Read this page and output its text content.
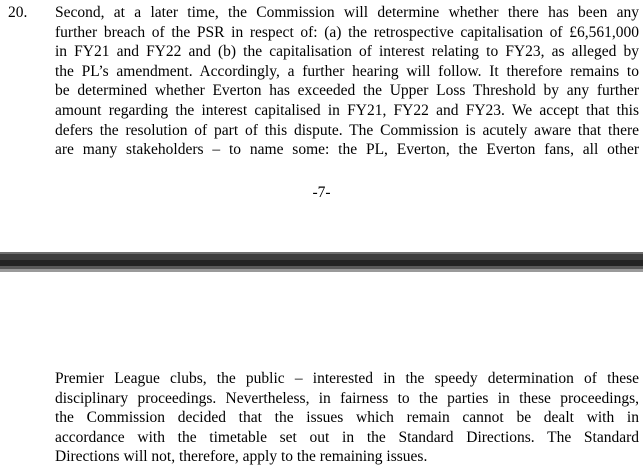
20. Second, at a later time, the Commission will determine whether there has been any
further breach of the PSR in respect of: (a) the retrospective capitalisation of £6,561,000
in FY21 and FY22 and (b) the capitalisation of interest relating to FY23, as alleged by
the PL’s amendment. Accordingly, a further hearing will follow. It therefore remains to
be determined whether Everton has exceeded the Upper Loss Threshold by any further
amount regarding the interest capitalised in FY21, FY22 and FY23. We accept that this
defers the resolution of part of this dispute. The Commission is acutely aware that there
are many stakeholders – to name some: the PL, Everton, the Everton fans, all other
-7-
Premier League clubs, the public – interested in the speedy determination of these
disciplinary proceedings. Nevertheless, in fairness to the parties in these proceedings,
the Commission decided that the issues which remain cannot be dealt with in
accordance with the timetable set out in the Standard Directions. The Standard
Directions will not, therefore, apply to the remaining issues.
